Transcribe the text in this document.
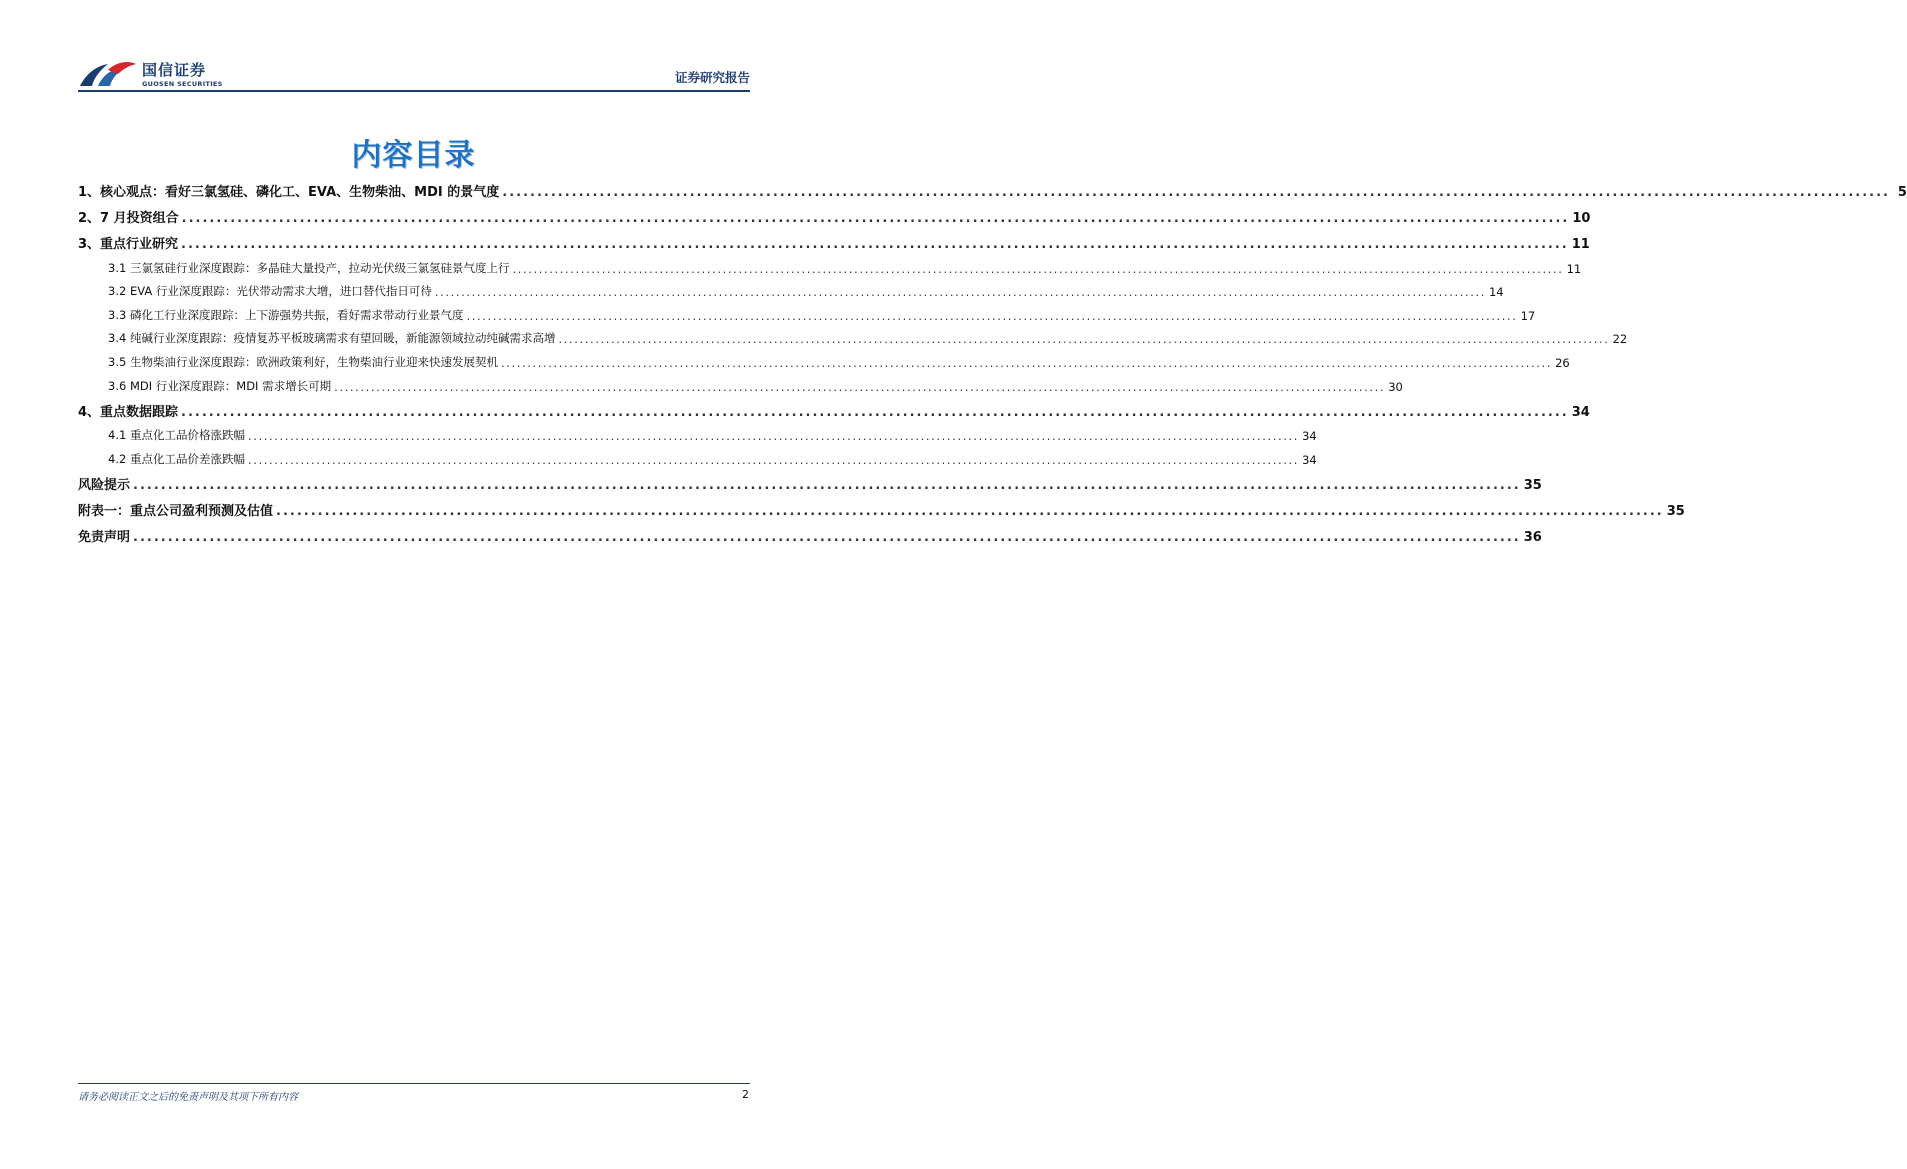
国信证券
GUOSEN SECURITIES	证券研究报告
内容目录
1、核心观点：看好三氯氢硅、磷化工、EVA、生物柴油、MDI 的景气度 ........................................................................................................................................................................................................ 5
2、7 月投资组合 ........................................................................................................................................................................................................ 10
3、重点行业研究 ........................................................................................................................................................................................................ 11
3.1 三氯氢硅行业深度跟踪：多晶硅大量投产，拉动光伏级三氯氢硅景气度上行 ........................................................................................................................................................................................................ 11
3.2 EVA 行业深度跟踪：光伏带动需求大增，进口替代指日可待 ........................................................................................................................................................................................................ 14
3.3 磷化工行业深度跟踪：上下游强势共振，看好需求带动行业景气度 ........................................................................................................................................................................................................ 17
3.4 纯碱行业深度跟踪：疫情复苏平板玻璃需求有望回暖，新能源领域拉动纯碱需求高增 ........................................................................................................................................................................................................ 22
3.5 生物柴油行业深度跟踪：欧洲政策利好，生物柴油行业迎来快速发展契机 ........................................................................................................................................................................................................ 26
3.6 MDI 行业深度跟踪：MDI 需求增长可期 ........................................................................................................................................................................................................ 30
4、重点数据跟踪 ........................................................................................................................................................................................................ 34
4.1 重点化工品价格涨跌幅 ........................................................................................................................................................................................................ 34
4.2 重点化工品价差涨跌幅 ........................................................................................................................................................................................................ 34
风险提示 ........................................................................................................................................................................................................ 35
附表一：重点公司盈利预测及估值 ........................................................................................................................................................................................................ 35
免责声明 ........................................................................................................................................................................................................ 36
请务必阅读正文之后的免责声明及其项下所有内容	2
